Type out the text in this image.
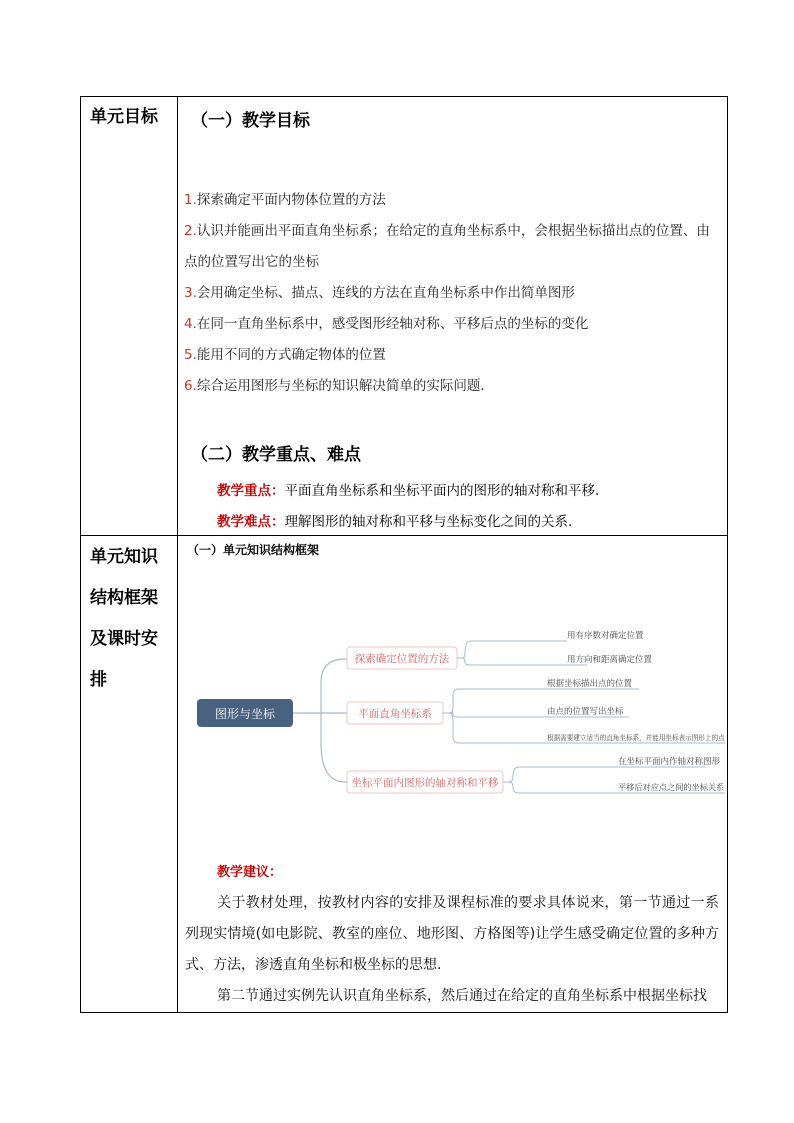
单元目标 （一）教学目标
1.探索确定平面内物体位置的方法
2.认识并能画出平面直角坐标系；在给定的直角坐标系中，会根据坐标描出点的位置、由
点的位置写出它的坐标
3.会用确定坐标、描点、连线的方法在直角坐标系中作出简单图形
4.在同一直角坐标系中，感受图形经轴对称、平移后点的坐标的变化
5.能用不同的方式确定物体的位置
6.综合运用图形与坐标的知识解决简单的实际问题.
（二）教学重点、难点
教学重点：平面直角坐标系和坐标平面内的图形的轴对称和平移.
教学难点：理解图形的轴对称和平移与坐标变化之间的关系.
单元知识
结构框架
及课时安
排
（一）单元知识结构框架
图形与坐标
探索确定位置的方法
用有序数对确定位置
用方向和距离确定位置
平面直角坐标系
根据坐标描出点的位置
由点的位置写出坐标
根据需要建立适当的直角坐标系，并能用坐标表示图形上的点
坐标平面内图形的轴对称和平移
在坐标平面内作轴对称图形
平移后对应点之间的坐标关系
教学建议：
关于教材处理，按教材内容的安排及课程标准的要求具体说来，第一节通过一系列现实情境(如电影院、教室的座位、地形图、方格图等)让学生感受确定位置的多种方式、方法，渗透直角坐标和极坐标的思想.
第二节通过实例先认识直角坐标系，然后通过在给定的直角坐标系中根据坐标找
